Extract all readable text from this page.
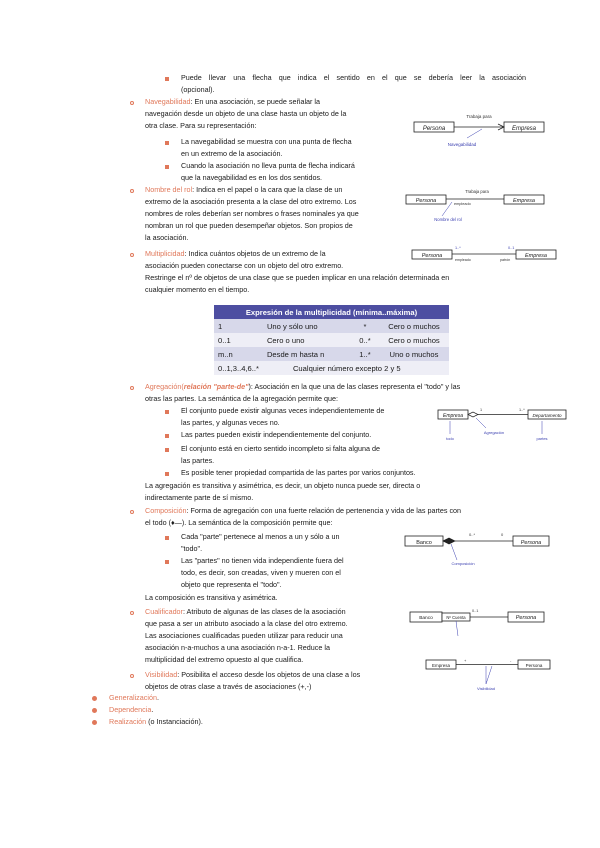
Puede llevar una flecha que indica el sentido en el que se debería leer la asociación
(opcional).
Navegabilidad: En una asociación, se puede señalar la
navegación desde un objeto de una clase hasta un objeto de la
otra clase. Para su representación:
La navegabilidad se muestra con una punta de flecha
en un extremo de la asociación.
Cuando la asociación no lleva punta de flecha indicará
que la navegabilidad es en los dos sentidos.
Persona	Empresa
Trabaja para
Navegabilidad
Nombre del rol: Indica en el papel o la cara que la clase de un
extremo de la asociación presenta a la clase del otro extremo. Los
nombres de roles deberían ser nombres o frases nominales ya que
nombran un rol que pueden desempeñar objetos. Son propios de
la asociación.
Persona	Empresa
Trabaja para
empleado
Nombre del rol
Multiplicidad: Indica cuántos objetos de un extremo de la
asociación pueden conectarse con un objeto del otro extremo.
Restringe el nº de objetos de una clase que se pueden implicar en una relación determinada en
cualquier momento en el tiempo.
Persona	Empresa
1..*	0..1
empleado	patrón
Expresión de la multiplicidad (mínima..máxima)			
1	Uno y sólo uno	*	Cero o muchos
0..1	Cero o uno	0..*	Cero o muchos
m..n	Desde m hasta n	1..*	Uno o muchos
0..1,3..4,6..*	Cualquier número excepto 2 y 5		
Agregación(relación "parte-de"): Asociación en la que una de las clases representa el "todo" y las
otras las partes. La semántica de la agregación permite que:
El conjunto puede existir algunas veces independientemente de
las partes, y algunas veces no.
Las partes pueden existir independientemente del conjunto.
El conjunto está en cierto sentido incompleto si falta alguna de
las partes.
Es posible tener propiedad compartida de las partes por varios conjuntos.
La agregación es transitiva y asimétrica, es decir, un objeto nunca puede ser, directa o
indirectamente parte de sí mismo.
Empresa	Departamento
1	1..*
Agregación
todo	partes
Composición: Forma de agregación con una fuerte relación de pertenencia y vida de las partes con
el todo (♦—). La semántica de la composición permite que:
Cada "parte" pertenece al menos a un y sólo a un
"todo".
Las "partes" no tienen vida independiente fuera del
todo, es decir, son creadas, viven y mueren con el
objeto que representa el "todo".
La composición es transitiva y asimétrica.
Banco	Persona
0..*	0
Composición
Cualificador: Atributo de algunas de las clases de la asociación
que pasa a ser un atributo asociado a la clase del otro extremo.
Las asociaciones cualificadas pueden utilizar para reducir una
asociación n-a-muchos a una asociación n-a-1. Reduce la
multiplicidad del extremo opuesto al que cualifica.
Banco	Nº Cuenta	Persona
0..1
Visibilidad: Posibilita el acceso desde los objetos de una clase a los
objetos de otras clase a través de asociaciones (+,-)
Empresa	Persona
+	-
Visibilidad
Generalización.
Dependencia.
Realización (o Instanciación).
